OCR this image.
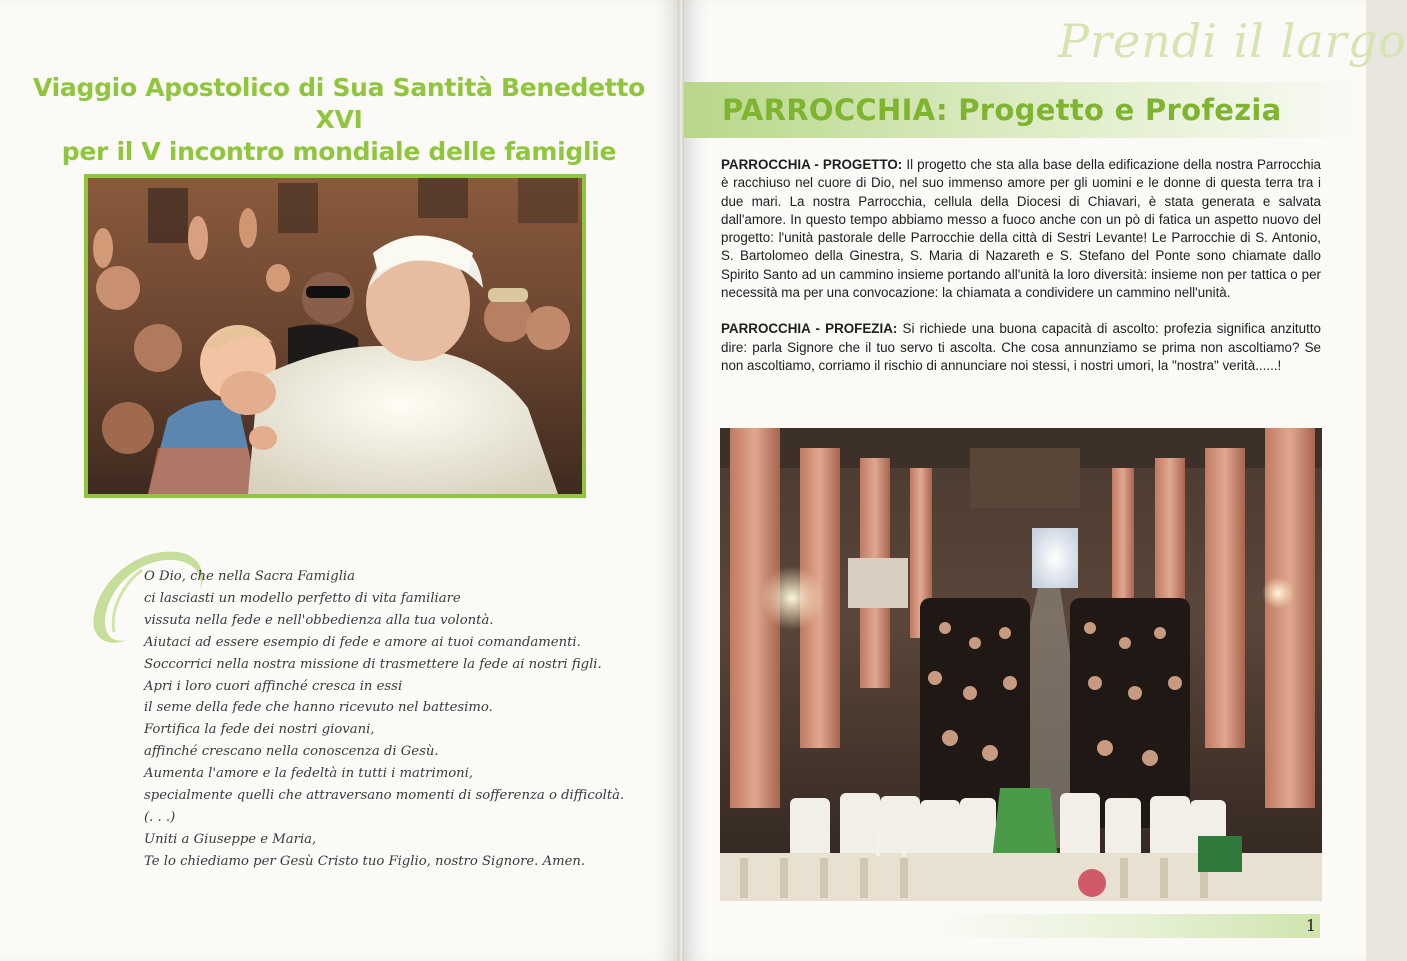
Viaggio Apostolico di Sua Santità Benedetto XVI
per il V incontro mondiale delle famiglie
O Dio, che nella Sacra Famiglia
ci lasciasti un modello perfetto di vita familiare
vissuta nella fede e nell'obbedienza alla tua volontà.
Aiutaci ad essere esempio di fede e amore ai tuoi comandamenti.
Soccorrici nella nostra missione di trasmettere la fede ai nostri figli.
Apri i loro cuori affinché cresca in essi
il seme della fede che hanno ricevuto nel battesimo.
Fortifica la fede dei nostri giovani,
affinché crescano nella conoscenza di Gesù.
Aumenta l'amore e la fedeltà in tutti i matrimoni,
specialmente quelli che attraversano momenti di sofferenza o difficoltà.
(. . .)
Uniti a Giuseppe e Maria,
Te lo chiediamo per Gesù Cristo tuo Figlio, nostro Signore. Amen.
Prendi il largo
PARROCCHIA: Progetto e Profezia

PARROCCHIA - PROGETTO: Il progetto che sta alla base della edificazione della nostra Parrocchia è racchiuso nel cuore di Dio, nel suo immenso amore per gli uomini e le donne di questa terra tra i due mari. La nostra Parrocchia, cellula della Diocesi di Chiavari, è stata generata e salvata dall'amore. In questo tempo abbiamo messo a fuoco anche con un pò di fatica un aspetto nuovo del progetto: l'unità pastorale delle Parrocchie della città di Sestri Levante! Le Parrocchie di S. Antonio, S. Bartolomeo della Ginestra, S. Maria di Nazareth e S. Stefano del Ponte sono chiamate dallo Spirito Santo ad un cammino insieme portando all'unità la loro diversità: insieme non per tattica o per necessità ma per una convocazione: la chiamata a condividere un cammino nell'unità.

PARROCCHIA - PROFEZIA: Si richiede una buona capacità di ascolto: profezia significa anzitutto dire: parla Signore che il tuo servo ti ascolta. Che cosa annunziamo se prima non ascoltiamo? Se non ascoltiamo, corriamo il rischio di annunciare noi stessi, i nostri umori, la "nostra" verità......!

1
